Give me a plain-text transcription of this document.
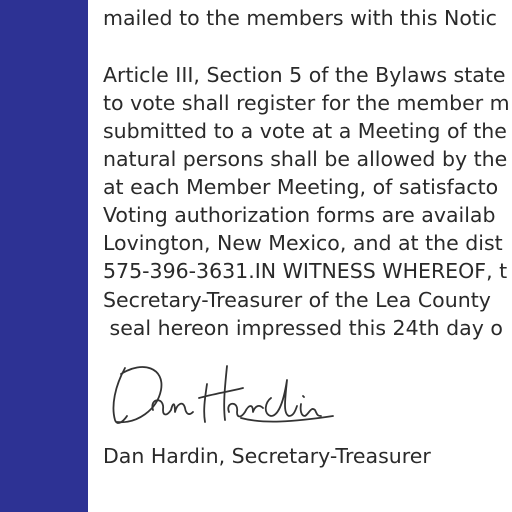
mailed to the members with this Notic
Article III, Section 5 of the Bylaws state
to vote shall register for the member m
submitted to a vote at a Meeting of the
natural persons shall be allowed by the
at each Member Meeting, of satisfacto
Voting authorization forms are availab
Lovington, New Mexico, and at the dist
575-396-3631.IN WITNESS WHEREOF, t
Secretary-Treasurer of the Lea County
seal hereon impressed this 24th day o
Dan Hardin, Secretary-Treasurer
